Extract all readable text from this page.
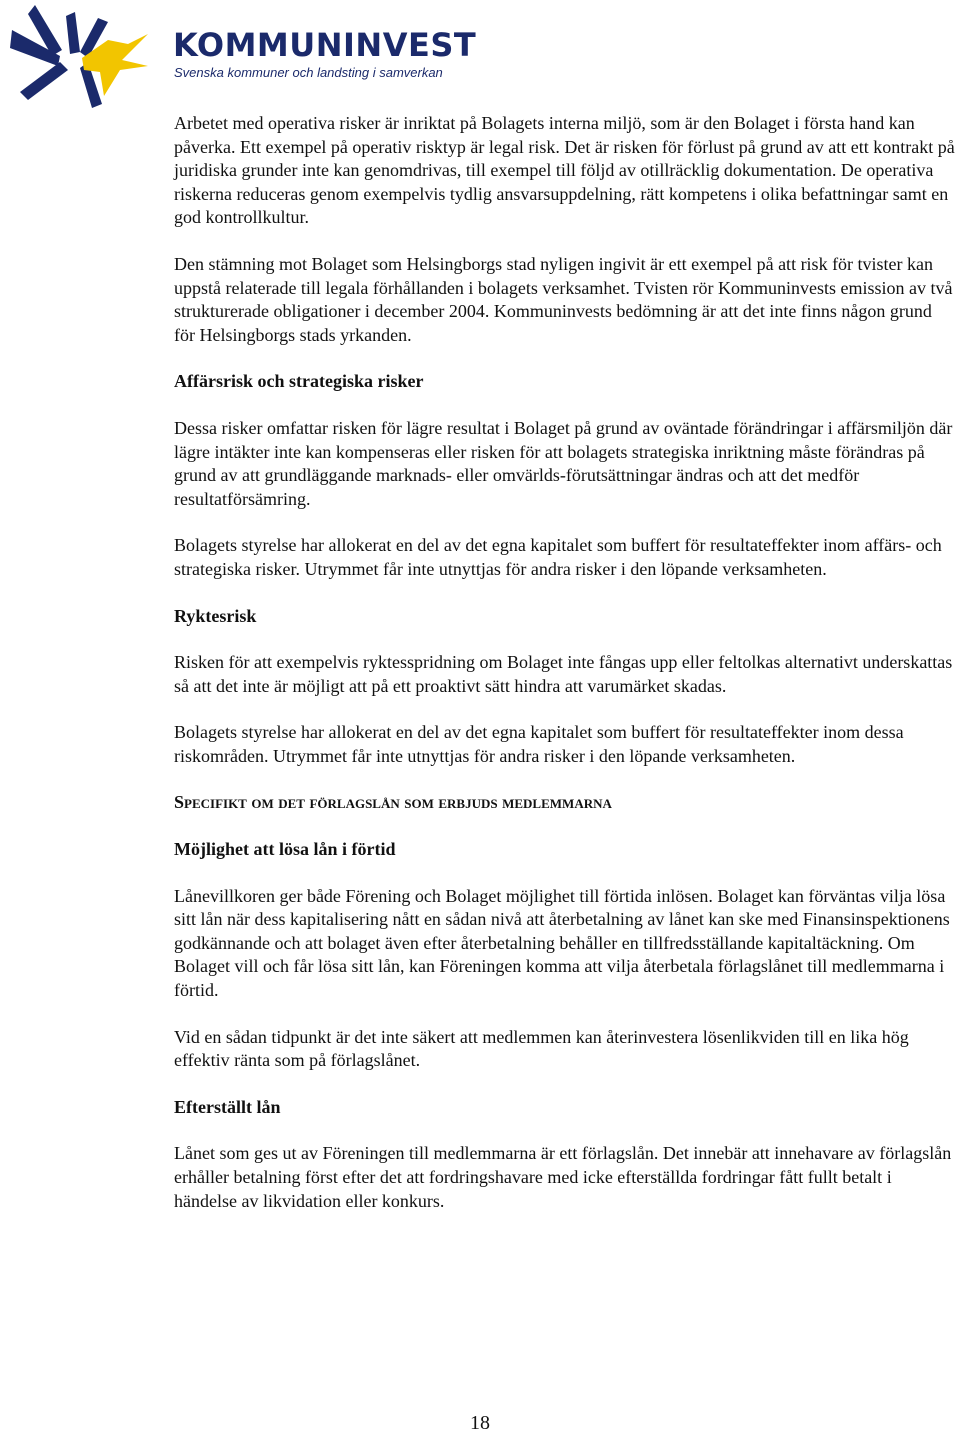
KOMMUNINVEST
Svenska kommuner och landsting i samverkan

Arbetet med operativa risker är inriktat på Bolagets interna miljö, som är den Bolaget i första hand kan påverka. Ett exempel på operativ risktyp är legal risk. Det är risken för förlust på grund av att ett kontrakt på juridiska grunder inte kan genomdrivas, till exempel till följd av otillräcklig dokumentation. De operativa riskerna reduceras genom exempelvis tydlig ansvarsuppdelning, rätt kompetens i olika befattningar samt en god kontrollkultur.

Den stämning mot Bolaget som Helsingborgs stad nyligen ingivit är ett exempel på att risk för tvister kan uppstå relaterade till legala förhållanden i bolagets verksamhet. Tvisten rör Kommuninvests emission av två strukturerade obligationer i december 2004. Kommuninvests bedömning är att det inte finns någon grund för Helsingborgs stads yrkanden.

Affärsrisk och strategiska risker

Dessa risker omfattar risken för lägre resultat i Bolaget på grund av oväntade förändringar i affärsmiljön där lägre intäkter inte kan kompenseras eller risken för att bolagets strategiska inriktning måste förändras på grund av att grundläggande marknads- eller omvärlds-förutsättningar ändras och att det medför resultatförsämring.

Bolagets styrelse har allokerat en del av det egna kapitalet som buffert för resultateffekter inom affärs- och strategiska risker. Utrymmet får inte utnyttjas för andra risker i den löpande verksamheten.

Ryktesrisk

Risken för att exempelvis ryktesspridning om Bolaget inte fångas upp eller feltolkas alternativt underskattas så att det inte är möjligt att på ett proaktivt sätt hindra att varumärket skadas.

Bolagets styrelse har allokerat en del av det egna kapitalet som buffert för resultateffekter inom dessa riskområden. Utrymmet får inte utnyttjas för andra risker i den löpande verksamheten.

Specifikt om det förlagslån som erbjuds medlemmarna
Möjlighet att lösa lån i förtid

Lånevillkoren ger både Förening och Bolaget möjlighet till förtida inlösen. Bolaget kan förväntas vilja lösa sitt lån när dess kapitalisering nått en sådan nivå att återbetalning av lånet kan ske med Finansinspektionens godkännande och att bolaget även efter återbetalning behåller en tillfredsställande kapitaltäckning. Om Bolaget vill och får lösa sitt lån, kan Föreningen komma att vilja återbetala förlagslånet till medlemmarna i förtid.

Vid en sådan tidpunkt är det inte säkert att medlemmen kan återinvestera lösenlikviden till en lika hög effektiv ränta som på förlagslånet.

Efterställt lån

Lånet som ges ut av Föreningen till medlemmarna är ett förlagslån. Det innebär att innehavare av förlagslån erhåller betalning först efter det att fordringshavare med icke efterställda fordringar fått fullt betalt i händelse av likvidation eller konkurs.

18
